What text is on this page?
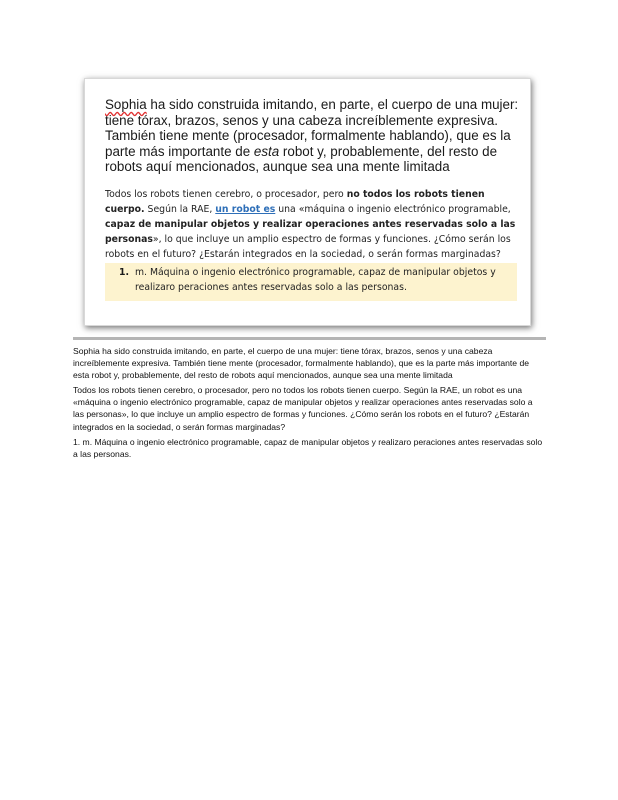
Sophia ha sido construida imitando, en parte, el cuerpo de una mujer: tiene tórax, brazos, senos y una cabeza increíblemente expresiva. También tiene mente (procesador, formalmente hablando), que es la parte más importante de esta robot y, probablemente, del resto de robots aquí mencionados, aunque sea una mente limitada
Todos los robots tienen cerebro, o procesador, pero no todos los robots tienen cuerpo. Según la RAE, un robot es una «máquina o ingenio electrónico programable, capaz de manipular objetos y realizar operaciones antes reservadas solo a las personas», lo que incluye un amplio espectro de formas y funciones. ¿Cómo serán los robots en el futuro? ¿Estarán integrados en la sociedad, o serán formas marginadas?
1. m. Máquina o ingenio electrónico programable, capaz de manipular objetos y realizaro peraciones antes reservadas solo a las personas.

Sophia ha sido construida imitando, en parte, el cuerpo de una mujer: tiene tórax, brazos, senos y una cabeza increíblemente expresiva. También tiene mente (procesador, formalmente hablando), que es la parte más importante de esta robot y, probablemente, del resto de robots aquí mencionados, aunque sea una mente limitada

Todos los robots tienen cerebro, o procesador, pero no todos los robots tienen cuerpo. Según la RAE, un robot es una «máquina o ingenio electrónico programable, capaz de manipular objetos y realizar operaciones antes reservadas solo a las personas», lo que incluye un amplio espectro de formas y funciones. ¿Cómo serán los robots en el futuro? ¿Estarán integrados en la sociedad, o serán formas marginadas?

1. m. Máquina o ingenio electrónico programable, capaz de manipular objetos y realizaro peraciones antes reservadas solo a las personas.
